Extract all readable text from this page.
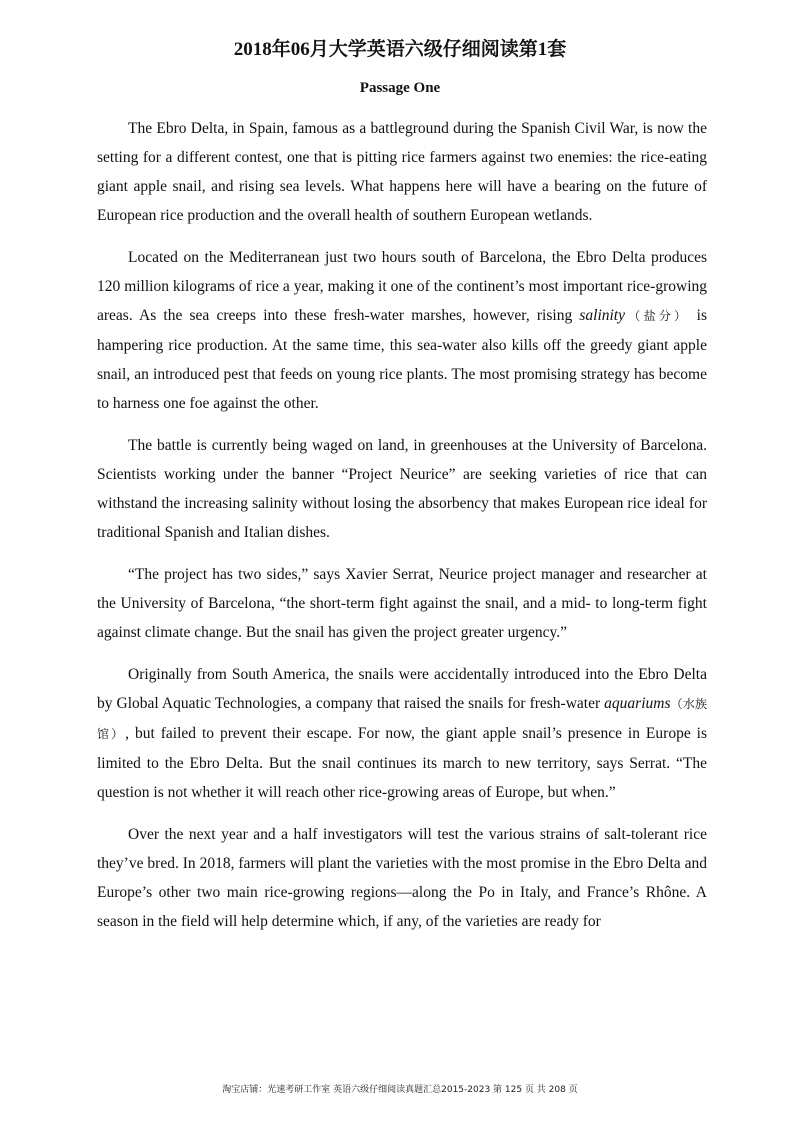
2018年06月大学英语六级仔细阅读第1套
Passage One

The Ebro Delta, in Spain, famous as a battleground during the Spanish Civil War, is now the setting for a different contest, one that is pitting rice farmers against two enemies: the rice-eating giant apple snail, and rising sea levels. What happens here will have a bearing on the future of European rice production and the overall health of southern European wetlands.

Located on the Mediterranean just two hours south of Barcelona, the Ebro Delta produces 120 million kilograms of rice a year, making it one of the continent’s most important rice-growing areas. As the sea creeps into these fresh-water marshes, however, rising salinity（盐分） is hampering rice production. At the same time, this sea-water also kills off the greedy giant apple snail, an introduced pest that feeds on young rice plants. The most promising strategy has become to harness one foe against the other.

The battle is currently being waged on land, in greenhouses at the University of Barcelona. Scientists working under the banner “Project Neurice” are seeking varieties of rice that can withstand the increasing salinity without losing the absorbency that makes European rice ideal for traditional Spanish and Italian dishes.

“The project has two sides,” says Xavier Serrat, Neurice project manager and researcher at the University of Barcelona, “the short-term fight against the snail, and a mid- to long-term fight against climate change. But the snail has given the project greater urgency.”

Originally from South America, the snails were accidentally introduced into the Ebro Delta by Global Aquatic Technologies, a company that raised the snails for fresh-water aquariums（水族馆）, but failed to prevent their escape. For now, the giant apple snail’s presence in Europe is limited to the Ebro Delta. But the snail continues its march to new territory, says Serrat. “The question is not whether it will reach other rice-growing areas of Europe, but when.”

Over the next year and a half investigators will test the various strains of salt-tolerant rice they’ve bred. In 2018, farmers will plant the varieties with the most promise in the Ebro Delta and Europe’s other two main rice-growing regions—along the Po in Italy, and France’s Rhône. A season in the field will help determine which, if any, of the varieties are ready for

淘宝店铺：光速考研工作室 英语六级仔细阅读真题汇总2015-2023 第 125 页 共 208 页
